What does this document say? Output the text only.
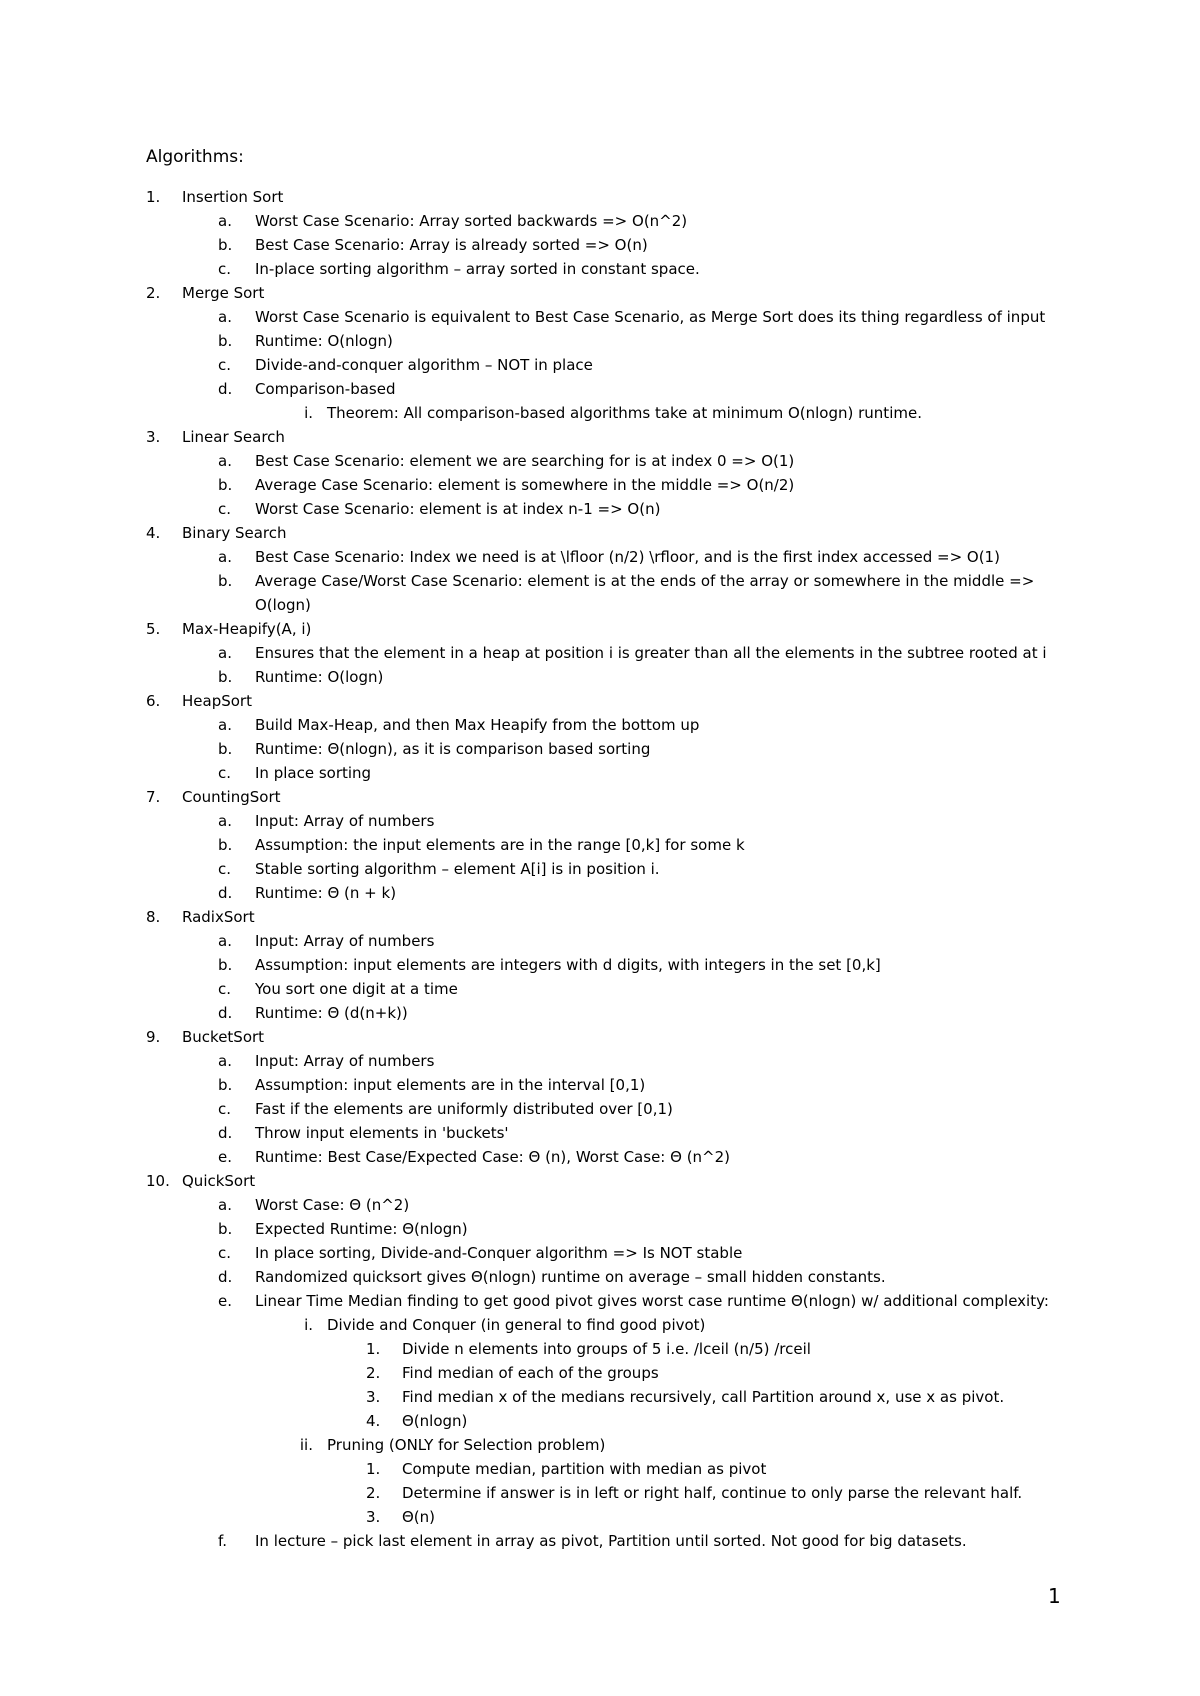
Algorithms:
1.	Insertion Sort
a.	Worst Case Scenario: Array sorted backwards => O(n^2)
b.	Best Case Scenario: Array is already sorted => O(n)
c.	In-place sorting algorithm – array sorted in constant space.
2.	Merge Sort
a.	Worst Case Scenario is equivalent to Best Case Scenario, as Merge Sort does its thing regardless of input
b.	Runtime: O(nlogn)
c.	Divide-and-conquer algorithm – NOT in place
d.	Comparison-based
i. Theorem: All comparison-based algorithms take at minimum O(nlogn) runtime.
3.	Linear Search
a.	Best Case Scenario: element we are searching for is at index 0 => O(1)
b.	Average Case Scenario: element is somewhere in the middle => O(n/2)
c.	Worst Case Scenario: element is at index n-1 => O(n)
4.	Binary Search
a.	Best Case Scenario: Index we need is at \lfloor (n/2) \rfloor, and is the first index accessed => O(1)
b.	Average Case/Worst Case Scenario: element is at the ends of the array or somewhere in the middle => O(logn)
5.	Max-Heapify(A, i)
a.	Ensures that the element in a heap at position i is greater than all the elements in the subtree rooted at i
b.	Runtime: O(logn)
6.	HeapSort
a.	Build Max-Heap, and then Max Heapify from the bottom up
b.	Runtime: Θ(nlogn), as it is comparison based sorting
c.	In place sorting
7.	CountingSort
a.	Input: Array of numbers
b.	Assumption: the input elements are in the range [0,k] for some k
c.	Stable sorting algorithm – element A[i] is in position i.
d.	Runtime: Θ (n + k)
8.	RadixSort
a.	Input: Array of numbers
b.	Assumption: input elements are integers with d digits, with integers in the set [0,k]
c.	You sort one digit at a time
d.	Runtime: Θ (d(n+k))
9.	BucketSort
a.	Input: Array of numbers
b.	Assumption: input elements are in the interval [0,1)
c.	Fast if the elements are uniformly distributed over [0,1)
d.	Throw input elements in 'buckets'
e.	Runtime: Best Case/Expected Case: Θ (n), Worst Case: Θ (n^2)
10. QuickSort
a.	Worst Case: Θ (n^2)
b.	Expected Runtime: Θ(nlogn)
c.	In place sorting, Divide-and-Conquer algorithm => Is NOT stable
d.	Randomized quicksort gives Θ(nlogn) runtime on average – small hidden constants.
e.	Linear Time Median finding to get good pivot gives worst case runtime Θ(nlogn) w/ additional complexity:
i. Divide and Conquer (in general to find good pivot)
1.	Divide n elements into groups of 5 i.e. /lceil (n/5) /rceil
2.	Find median of each of the groups
3.	Find median x of the medians recursively, call Partition around x, use x as pivot.
4.	Θ(nlogn)
ii. Pruning (ONLY for Selection problem)
1.	Compute median, partition with median as pivot
2.	Determine if answer is in left or right half, continue to only parse the relevant half.
3.	Θ(n)
f.	In lecture – pick last element in array as pivot, Partition until sorted. Not good for big datasets.
1
